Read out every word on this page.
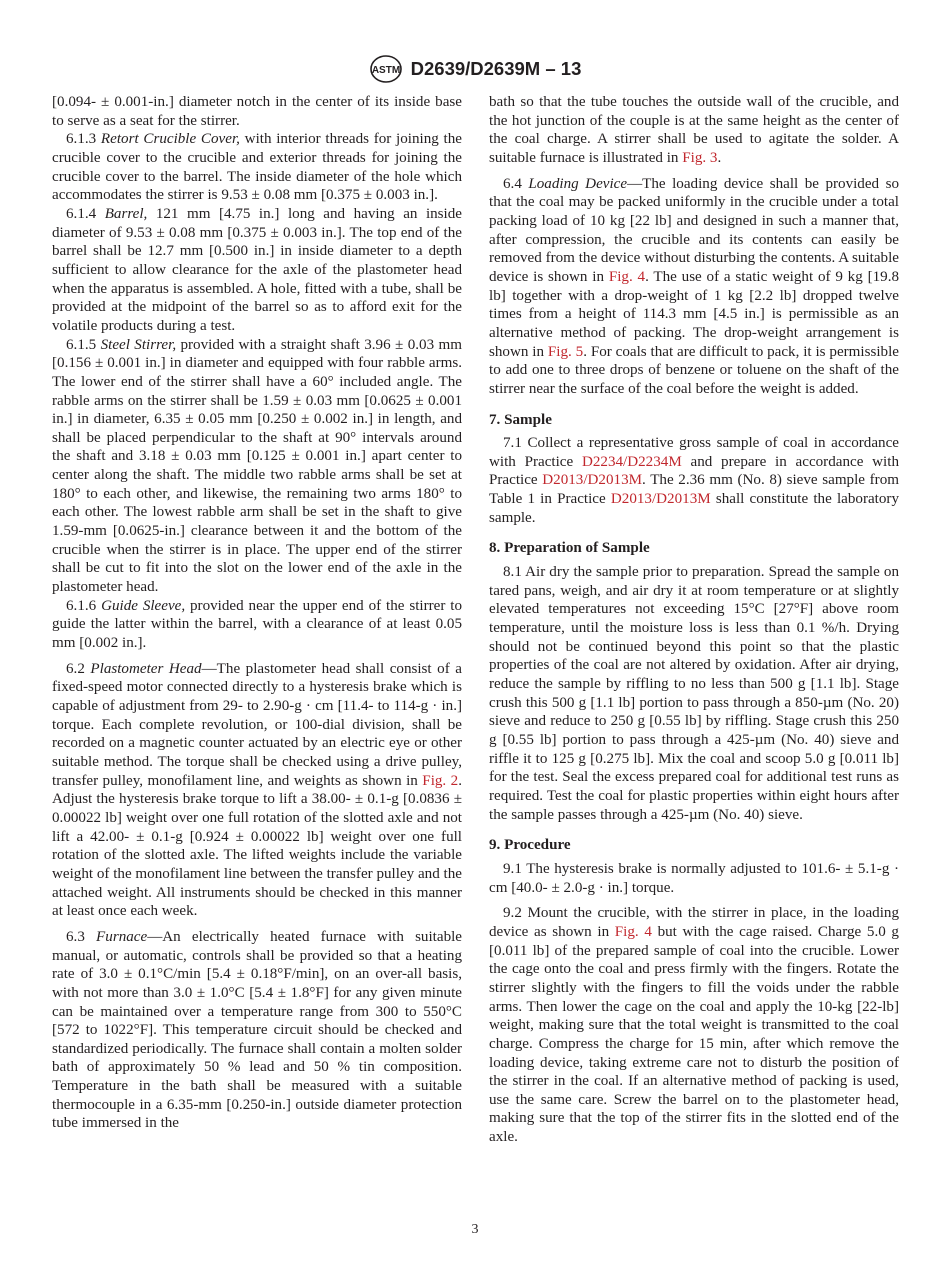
ASTM D2639/D2639M – 13

[0.094- ± 0.001-in.] diameter notch in the center of its inside base to serve as a seat for the stirrer.

6.1.3 Retort Crucible Cover, with interior threads for joining the crucible cover to the crucible and exterior threads for joining the crucible cover to the barrel. The inside diameter of the hole which accommodates the stirrer is 9.53 ± 0.08 mm [0.375 ± 0.003 in.].

6.1.4 Barrel, 121 mm [4.75 in.] long and having an inside diameter of 9.53 ± 0.08 mm [0.375 ± 0.003 in.]. The top end of the barrel shall be 12.7 mm [0.500 in.] in inside diameter to a depth sufficient to allow clearance for the axle of the plastometer head when the apparatus is assembled. A hole, fitted with a tube, shall be provided at the midpoint of the barrel so as to afford exit for the volatile products during a test.

6.1.5 Steel Stirrer, provided with a straight shaft 3.96 ± 0.03 mm [0.156 ± 0.001 in.] in diameter and equipped with four rabble arms. The lower end of the stirrer shall have a 60° included angle. The rabble arms on the stirrer shall be 1.59 ± 0.03 mm [0.0625 ± 0.001 in.] in diameter, 6.35 ± 0.05 mm [0.250 ± 0.002 in.] in length, and shall be placed perpendicular to the shaft at 90° intervals around the shaft and 3.18 ± 0.03 mm [0.125 ± 0.001 in.] apart center to center along the shaft. The middle two rabble arms shall be set at 180° to each other, and likewise, the remaining two arms 180° to each other. The lowest rabble arm shall be set in the shaft to give 1.59-mm [0.0625-in.] clearance between it and the bottom of the crucible when the stirrer is in place. The upper end of the stirrer shall be cut to fit into the slot on the lower end of the axle in the plastometer head.

6.1.6 Guide Sleeve, provided near the upper end of the stirrer to guide the latter within the barrel, with a clearance of at least 0.05 mm [0.002 in.].

6.2 Plastometer Head—The plastometer head shall consist of a fixed-speed motor connected directly to a hysteresis brake which is capable of adjustment from 29- to 2.90-g · cm [11.4- to 114-g · in.] torque. Each complete revolution, or 100-dial division, shall be recorded on a magnetic counter actuated by an electric eye or other suitable method. The torque shall be checked using a drive pulley, transfer pulley, monofilament line, and weights as shown in Fig. 2. Adjust the hysteresis brake torque to lift a 38.00- ± 0.1-g [0.0836 ± 0.00022 lb] weight over one full rotation of the slotted axle and not lift a 42.00- ± 0.1-g [0.924 ± 0.00022 lb] weight over one full rotation of the slotted axle. The lifted weights include the variable weight of the monofilament line between the transfer pulley and the attached weight. All instruments should be checked in this manner at least once each week.

6.3 Furnace—An electrically heated furnace with suitable manual, or automatic, controls shall be provided so that a heating rate of 3.0 ± 0.1°C/min [5.4 ± 0.18°F/min], on an over-all basis, with not more than 3.0 ± 1.0°C [5.4 ± 1.8°F] for any given minute can be maintained over a temperature range from 300 to 550°C [572 to 1022°F]. This temperature circuit should be checked and standardized periodically. The furnace shall contain a molten solder bath of approximately 50 % lead and 50 % tin composition. Temperature in the bath shall be measured with a suitable thermocouple in a 6.35-mm [0.250-in.] outside diameter protection tube immersed in the

bath so that the tube touches the outside wall of the crucible, and the hot junction of the couple is at the same height as the center of the coal charge. A stirrer shall be used to agitate the solder. A suitable furnace is illustrated in Fig. 3.

6.4 Loading Device—The loading device shall be provided so that the coal may be packed uniformly in the crucible under a total packing load of 10 kg [22 lb] and designed in such a manner that, after compression, the crucible and its contents can easily be removed from the device without disturbing the contents. A suitable device is shown in Fig. 4. The use of a static weight of 9 kg [19.8 lb] together with a drop-weight of 1 kg [2.2 lb] dropped twelve times from a height of 114.3 mm [4.5 in.] is permissible as an alternative method of packing. The drop-weight arrangement is shown in Fig. 5. For coals that are difficult to pack, it is permissible to add one to three drops of benzene or toluene on the shaft of the stirrer near the surface of the coal before the weight is added.

7. Sample

7.1 Collect a representative gross sample of coal in accordance with Practice D2234/D2234M and prepare in accordance with Practice D2013/D2013M. The 2.36 mm (No. 8) sieve sample from Table 1 in Practice D2013/D2013M shall constitute the laboratory sample.

8. Preparation of Sample

8.1 Air dry the sample prior to preparation. Spread the sample on tared pans, weigh, and air dry it at room temperature or at slightly elevated temperatures not exceeding 15°C [27°F] above room temperature, until the moisture loss is less than 0.1 %/h. Drying should not be continued beyond this point so that the plastic properties of the coal are not altered by oxidation. After air drying, reduce the sample by riffling to no less than 500 g [1.1 lb]. Stage crush this 500 g [1.1 lb] portion to pass through a 850-µm (No. 20) sieve and reduce to 250 g [0.55 lb] by riffling. Stage crush this 250 g [0.55 lb] portion to pass through a 425-µm (No. 40) sieve and riffle it to 125 g [0.275 lb]. Mix the coal and scoop 5.0 g [0.011 lb] for the test. Seal the excess prepared coal for additional test runs as required. Test the coal for plastic properties within eight hours after the sample passes through a 425-µm (No. 40) sieve.

9. Procedure

9.1 The hysteresis brake is normally adjusted to 101.6- ± 5.1-g · cm [40.0- ± 2.0-g · in.] torque.

9.2 Mount the crucible, with the stirrer in place, in the loading device as shown in Fig. 4 but with the cage raised. Charge 5.0 g [0.011 lb] of the prepared sample of coal into the crucible. Lower the cage onto the coal and press firmly with the fingers. Rotate the stirrer slightly with the fingers to fill the voids under the rabble arms. Then lower the cage on the coal and apply the 10-kg [22-lb] weight, making sure that the total weight is transmitted to the coal charge. Compress the charge for 15 min, after which remove the loading device, taking extreme care not to disturb the position of the stirrer in the coal. If an alternative method of packing is used, use the same care. Screw the barrel on to the plastometer head, making sure that the top of the stirrer fits in the slotted end of the axle.

3
